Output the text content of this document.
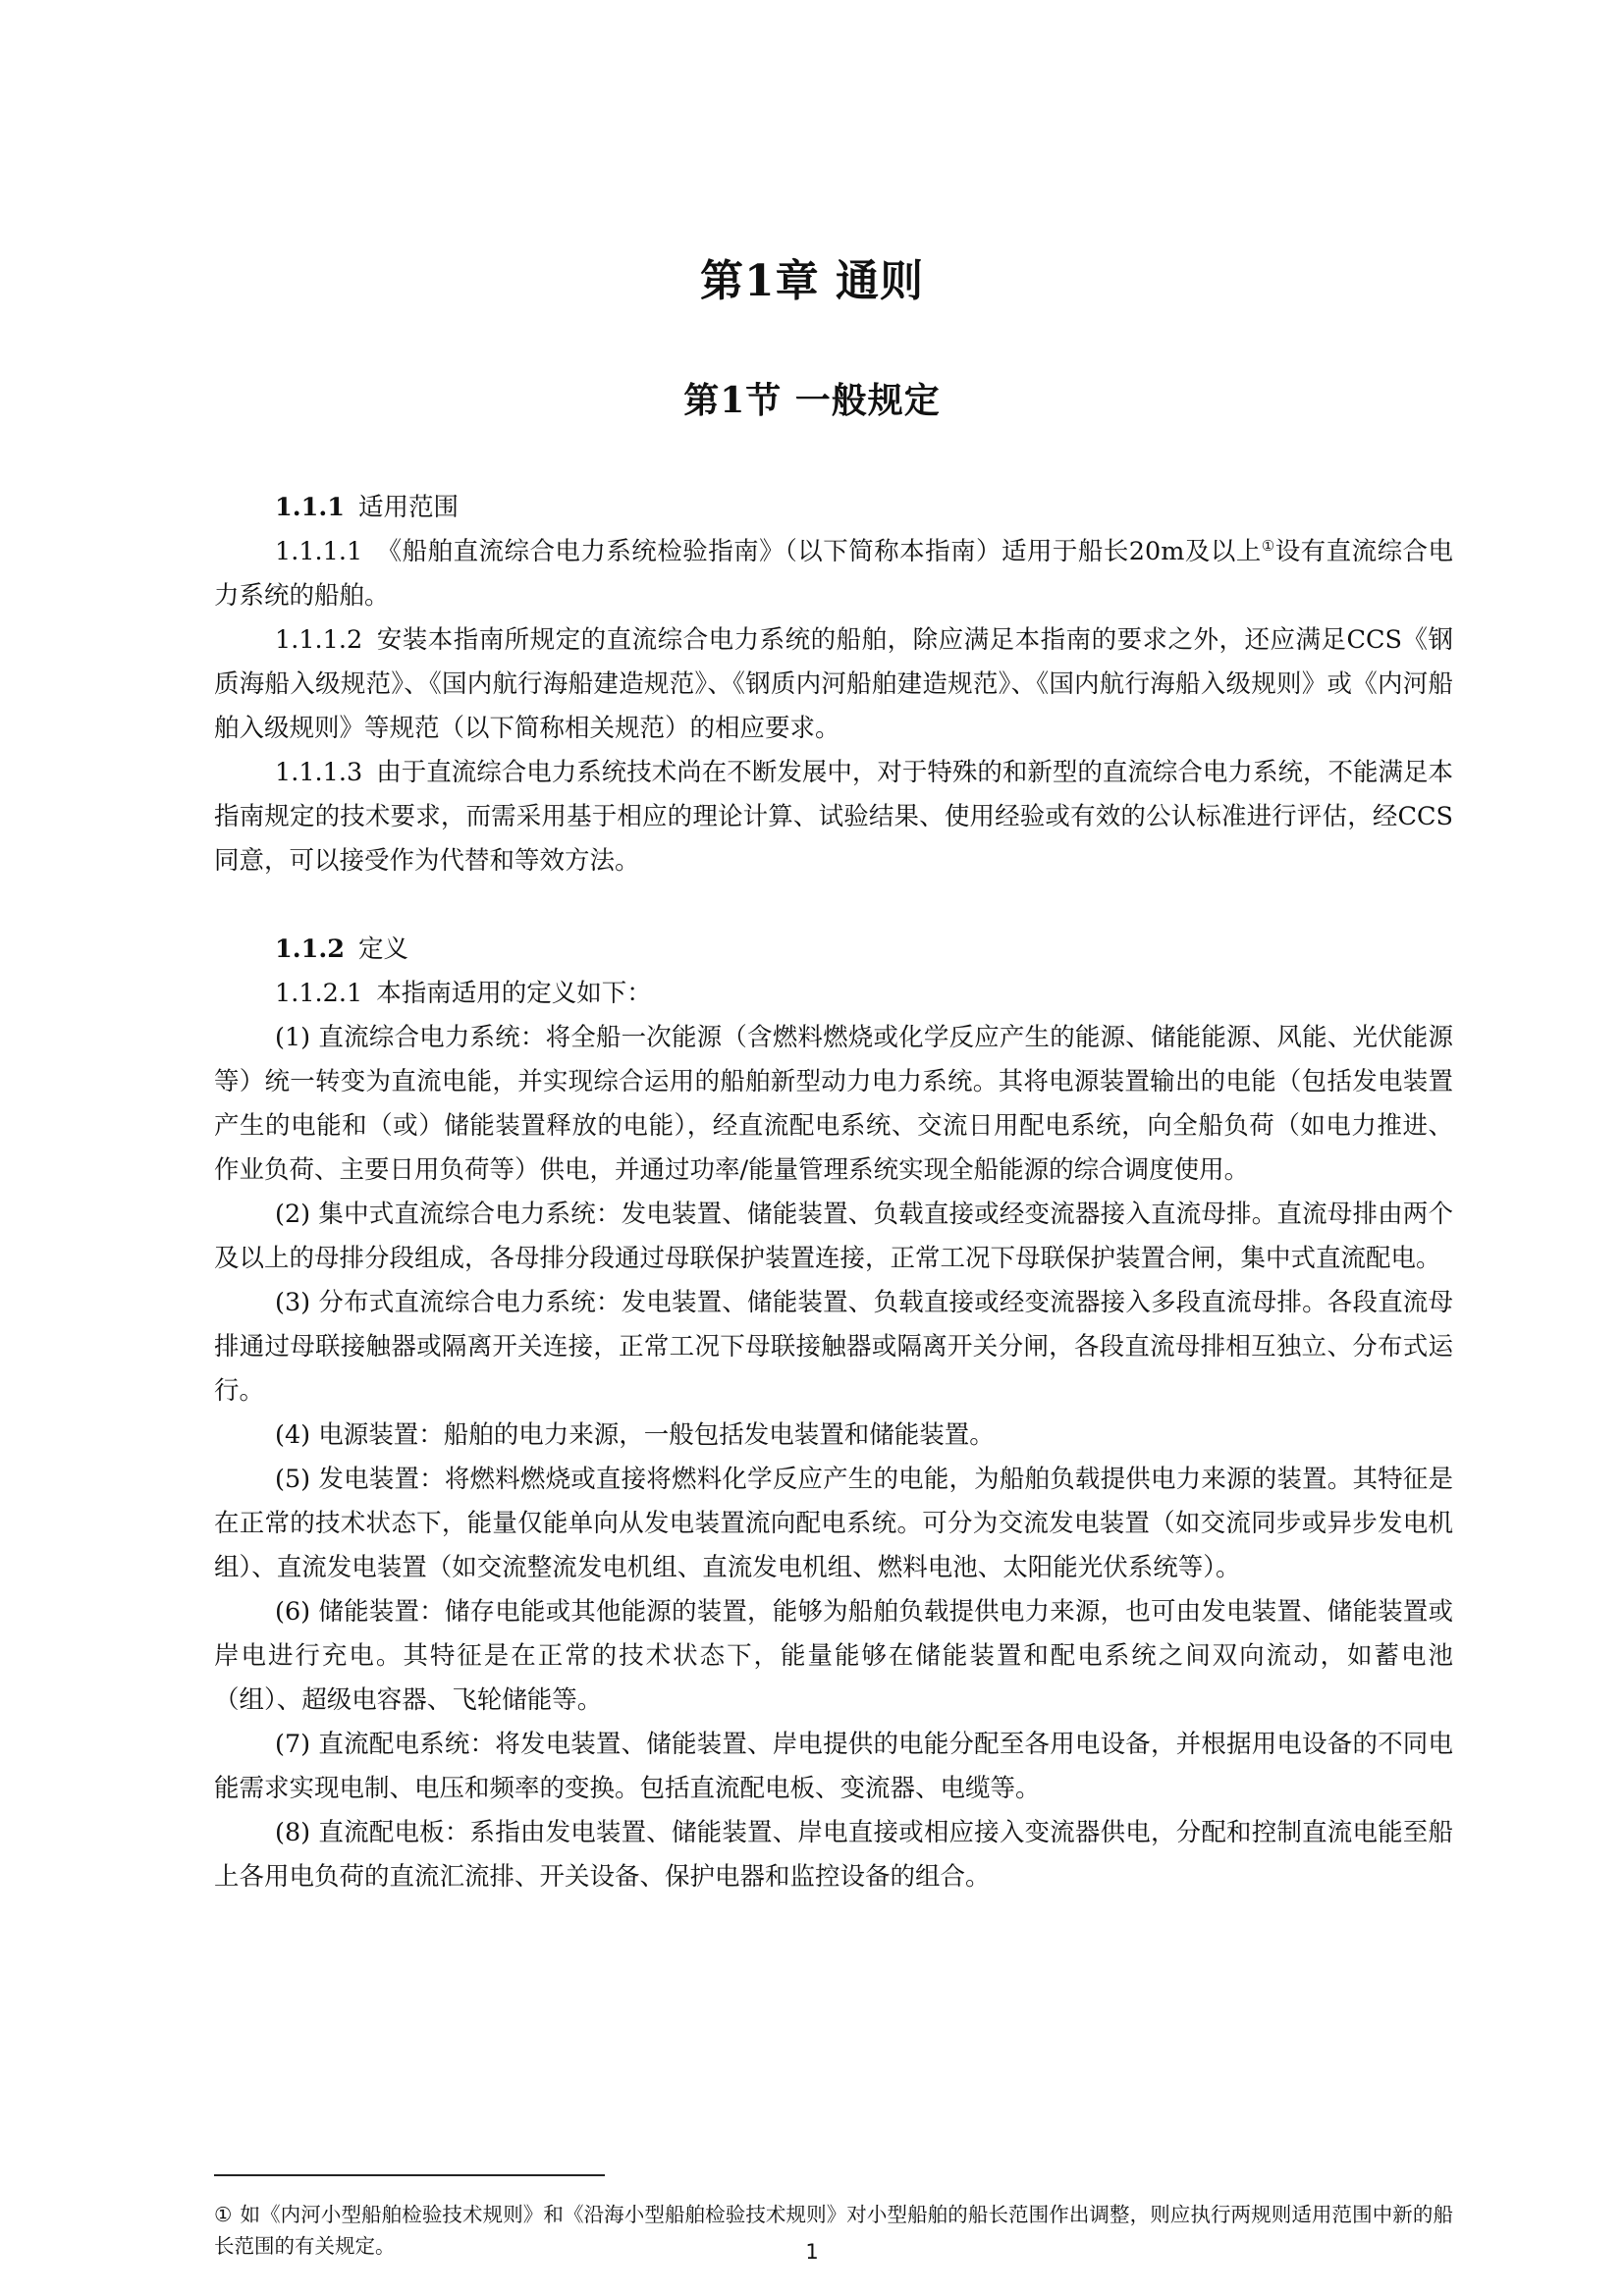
第1章 通则
第1节 一般规定

1.1.1 适用范围

1.1.1.1 《船舶直流综合电力系统检验指南》（以下简称本指南）适用于船长20m及以上①设有直流综合电力系统的船舶。

1.1.1.2 安装本指南所规定的直流综合电力系统的船舶，除应满足本指南的要求之外，还应满足CCS《钢质海船入级规范》、《国内航行海船建造规范》、《钢质内河船舶建造规范》、《国内航行海船入级规则》或《内河船舶入级规则》等规范（以下简称相关规范）的相应要求。

1.1.1.3 由于直流综合电力系统技术尚在不断发展中，对于特殊的和新型的直流综合电力系统，不能满足本指南规定的技术要求，而需采用基于相应的理论计算、试验结果、使用经验或有效的公认标准进行评估，经CCS同意，可以接受作为代替和等效方法。

1.1.2 定义

1.1.2.1 本指南适用的定义如下：

(1) 直流综合电力系统：将全船一次能源（含燃料燃烧或化学反应产生的能源、储能能源、风能、光伏能源等）统一转变为直流电能，并实现综合运用的船舶新型动力电力系统。其将电源装置输出的电能（包括发电装置产生的电能和（或）储能装置释放的电能），经直流配电系统、交流日用配电系统，向全船负荷（如电力推进、作业负荷、主要日用负荷等）供电，并通过功率/能量管理系统实现全船能源的综合调度使用。

(2) 集中式直流综合电力系统：发电装置、储能装置、负载直接或经变流器接入直流母排。直流母排由两个及以上的母排分段组成，各母排分段通过母联保护装置连接，正常工况下母联保护装置合闸，集中式直流配电。

(3) 分布式直流综合电力系统：发电装置、储能装置、负载直接或经变流器接入多段直流母排。各段直流母排通过母联接触器或隔离开关连接，正常工况下母联接触器或隔离开关分闸，各段直流母排相互独立、分布式运行。

(4) 电源装置：船舶的电力来源，一般包括发电装置和储能装置。

(5) 发电装置：将燃料燃烧或直接将燃料化学反应产生的电能，为船舶负载提供电力来源的装置。其特征是在正常的技术状态下，能量仅能单向从发电装置流向配电系统。可分为交流发电装置（如交流同步或异步发电机组）、直流发电装置（如交流整流发电机组、直流发电机组、燃料电池、太阳能光伏系统等）。

(6) 储能装置：储存电能或其他能源的装置，能够为船舶负载提供电力来源，也可由发电装置、储能装置或岸电进行充电。其特征是在正常的技术状态下，能量能够在储能装置和配电系统之间双向流动，如蓄电池（组）、超级电容器、飞轮储能等。

(7) 直流配电系统：将发电装置、储能装置、岸电提供的电能分配至各用电设备，并根据用电设备的不同电能需求实现电制、电压和频率的变换。包括直流配电板、变流器、电缆等。

(8) 直流配电板：系指由发电装置、储能装置、岸电直接或相应接入变流器供电，分配和控制直流电能至船上各用电负荷的直流汇流排、开关设备、保护电器和监控设备的组合。

① 如《内河小型船舶检验技术规则》和《沿海小型船舶检验技术规则》对小型船舶的船长范围作出调整，则应执行两规则适用范围中新的船长范围的有关规定。	1
